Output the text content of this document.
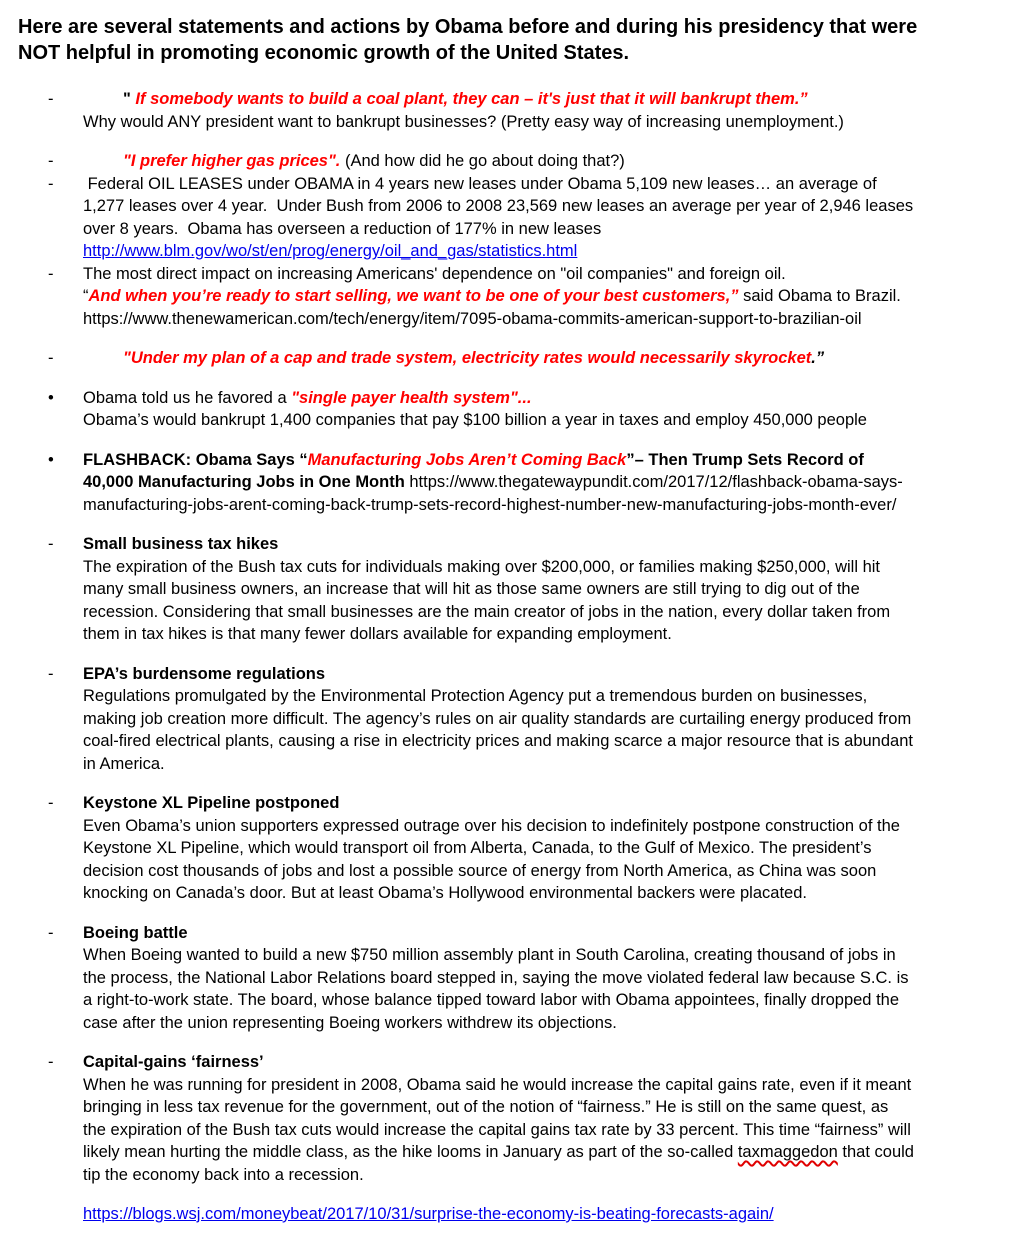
Here are several statements and actions by Obama before and during his presidency that were
NOT helpful in promoting economic growth of the United States.
-	" If somebody wants to build a coal plant, they can – it's just that it will bankrupt them.”
Why would ANY president want to bankrupt businesses? (Pretty easy way of increasing unemployment.)
-	"I prefer higher gas prices". (And how did he go about doing that?)
-	Federal OIL LEASES under OBAMA in 4 years new leases under Obama 5,109 new leases… an average of
1,277 leases over 4 year.  Under Bush from 2006 to 2008 23,569 new leases an average per year of 2,946 leases
over 8 years.  Obama has overseen a reduction of 177% in new leases
http://www.blm.gov/wo/st/en/prog/energy/oil_and_gas/statistics.html
-	The most direct impact on increasing Americans' dependence on "oil companies" and foreign oil.
“And when you’re ready to start selling, we want to be one of your best customers,” said Obama to Brazil.
https://www.thenewamerican.com/tech/energy/item/7095-obama-commits-american-support-to-brazilian-oil
-	"Under my plan of a cap and trade system, electricity rates would necessarily skyrocket.”
•	Obama told us he favored a "single payer health system"...
Obama’s would bankrupt 1,400 companies that pay $100 billion a year in taxes and employ 450,000 people
•	FLASHBACK: Obama Says “Manufacturing Jobs Aren’t Coming Back”– Then Trump Sets Record of
40,000 Manufacturing Jobs in One Month https://www.thegatewaypundit.com/2017/12/flashback-obama-says-
manufacturing-jobs-arent-coming-back-trump-sets-record-highest-number-new-manufacturing-jobs-month-ever/
-	Small business tax hikes
The expiration of the Bush tax cuts for individuals making over $200,000, or families making $250,000, will hit
many small business owners, an increase that will hit as those same owners are still trying to dig out of the
recession. Considering that small businesses are the main creator of jobs in the nation, every dollar taken from
them in tax hikes is that many fewer dollars available for expanding employment.
-	EPA’s burdensome regulations
Regulations promulgated by the Environmental Protection Agency put a tremendous burden on businesses,
making job creation more difficult. The agency’s rules on air quality standards are curtailing energy produced from
coal-fired electrical plants, causing a rise in electricity prices and making scarce a major resource that is abundant
in America.
-	Keystone XL Pipeline postponed
Even Obama’s union supporters expressed outrage over his decision to indefinitely postpone construction of the
Keystone XL Pipeline, which would transport oil from Alberta, Canada, to the Gulf of Mexico. The president’s
decision cost thousands of jobs and lost a possible source of energy from North America, as China was soon
knocking on Canada’s door. But at least Obama’s Hollywood environmental backers were placated.
-	Boeing battle
When Boeing wanted to build a new $750 million assembly plant in South Carolina, creating thousand of jobs in
the process, the National Labor Relations board stepped in, saying the move violated federal law because S.C. is
a right-to-work state. The board, whose balance tipped toward labor with Obama appointees, finally dropped the
case after the union representing Boeing workers withdrew its objections.
-	Capital-gains ‘fairness’
When he was running for president in 2008, Obama said he would increase the capital gains rate, even if it meant
bringing in less tax revenue for the government, out of the notion of “fairness.” He is still on the same quest, as
the expiration of the Bush tax cuts would increase the capital gains tax rate by 33 percent. This time “fairness” will
likely mean hurting the middle class, as the hike looms in January as part of the so-called taxmaggedon that could
tip the economy back into a recession.
https://blogs.wsj.com/moneybeat/2017/10/31/surprise-the-economy-is-beating-forecasts-again/
